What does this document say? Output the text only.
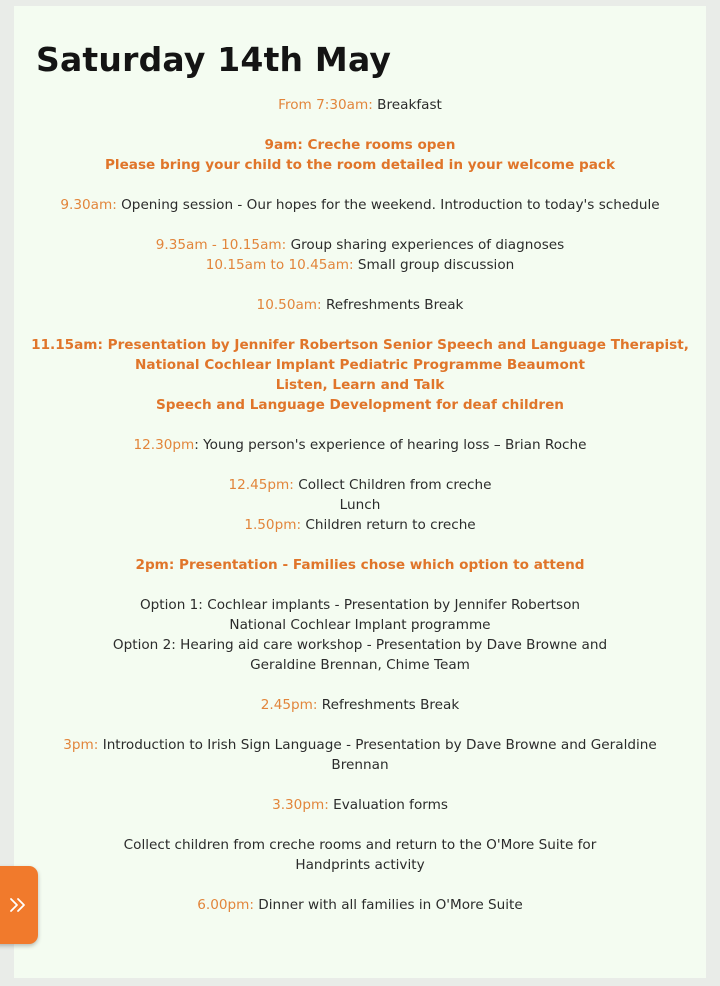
Saturday 14th May
From 7:30am: Breakfast
9am: Creche rooms open
Please bring your child to the room detailed in your welcome pack
9.30am: Opening session - Our hopes for the weekend. Introduction to today's schedule
9.35am - 10.15am: Group sharing experiences of diagnoses
10.15am to 10.45am: Small group discussion
10.50am: Refreshments Break
11.15am: Presentation by Jennifer Robertson Senior Speech and Language Therapist,
National Cochlear Implant Pediatric Programme Beaumont
Listen, Learn and Talk
Speech and Language Development for deaf children
12.30pm: Young person's experience of hearing loss – Brian Roche
12.45pm: Collect Children from creche
Lunch
1.50pm: Children return to creche
2pm: Presentation - Families chose which option to attend
Option 1: Cochlear implants - Presentation by Jennifer Robertson
National Cochlear Implant programme
Option 2: Hearing aid care workshop - Presentation by Dave Browne and
Geraldine Brennan, Chime Team
2.45pm: Refreshments Break
3pm: Introduction to Irish Sign Language - Presentation by Dave Browne and Geraldine
Brennan
3.30pm: Evaluation forms
Collect children from creche rooms and return to the O'More Suite for
Handprints activity
6.00pm: Dinner with all families in O'More Suite
